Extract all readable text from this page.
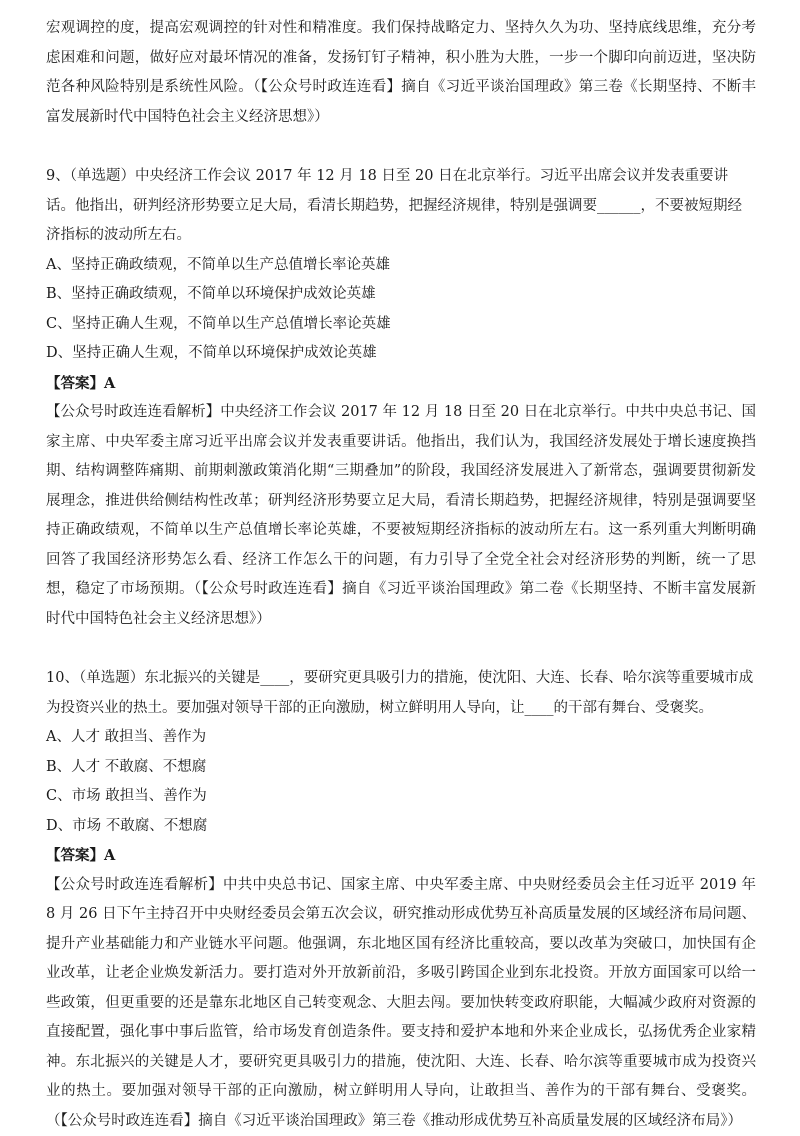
宏观调控的度，提高宏观调控的针对性和精准度。我们保持战略定力、坚持久久为功、坚持底线思维，充分考虑困难和问题，做好应对最坏情况的准备，发扬钉钉子精神，积小胜为大胜，一步一个脚印向前迈进，坚决防范各种风险特别是系统性风险。（【公众号时政连连看】摘自《习近平谈治国理政》第三卷《长期坚持、不断丰富发展新时代中国特色社会主义经济思想》）

9、（单选题）中央经济工作会议 2017 年 12 月 18 日至 20 日在北京举行。习近平出席会议并发表重要讲话。他指出，研判经济形势要立足大局，看清长期趋势，把握经济规律，特别是强调要______，不要被短期经济指标的波动所左右。

A、坚持正确政绩观，不简单以生产总值增长率论英雄

B、坚持正确政绩观，不简单以环境保护成效论英雄

C、坚持正确人生观，不简单以生产总值增长率论英雄

D、坚持正确人生观，不简单以环境保护成效论英雄

【答案】A

【公众号时政连连看解析】中央经济工作会议 2017 年 12 月 18 日至 20 日在北京举行。中共中央总书记、国家主席、中央军委主席习近平出席会议并发表重要讲话。他指出，我们认为，我国经济发展处于增长速度换挡期、结构调整阵痛期、前期刺激政策消化期“三期叠加”的阶段，我国经济发展进入了新常态，强调要贯彻新发展理念，推进供给侧结构性改革；研判经济形势要立足大局，看清长期趋势，把握经济规律，特别是强调要坚持正确政绩观，不简单以生产总值增长率论英雄，不要被短期经济指标的波动所左右。这一系列重大判断明确回答了我国经济形势怎么看、经济工作怎么干的问题，有力引导了全党全社会对经济形势的判断，统一了思想，稳定了市场预期。（【公众号时政连连看】摘自《习近平谈治国理政》第二卷《长期坚持、不断丰富发展新时代中国特色社会主义经济思想》）

10、（单选题）东北振兴的关键是____，要研究更具吸引力的措施，使沈阳、大连、长春、哈尔滨等重要城市成为投资兴业的热土。要加强对领导干部的正向激励，树立鲜明用人导向，让____的干部有舞台、受褒奖。

A、人才 敢担当、善作为

B、人才 不敢腐、不想腐

C、市场 敢担当、善作为

D、市场 不敢腐、不想腐

【答案】A

【公众号时政连连看解析】中共中央总书记、国家主席、中央军委主席、中央财经委员会主任习近平 2019 年 8 月 26 日下午主持召开中央财经委员会第五次会议，研究推动形成优势互补高质量发展的区域经济布局问题、提升产业基础能力和产业链水平问题。他强调，东北地区国有经济比重较高，要以改革为突破口，加快国有企业改革，让老企业焕发新活力。要打造对外开放新前沿，多吸引跨国企业到东北投资。开放方面国家可以给一些政策，但更重要的还是靠东北地区自己转变观念、大胆去闯。要加快转变政府职能，大幅减少政府对资源的直接配置，强化事中事后监管，给市场发育创造条件。要支持和爱护本地和外来企业成长，弘扬优秀企业家精神。东北振兴的关键是人才，要研究更具吸引力的措施，使沈阳、大连、长春、哈尔滨等重要城市成为投资兴业的热土。要加强对领导干部的正向激励，树立鲜明用人导向，让敢担当、善作为的干部有舞台、受褒奖。（【公众号时政连连看】摘自《习近平谈治国理政》第三卷《推动形成优势互补高质量发展的区域经济布局》）
